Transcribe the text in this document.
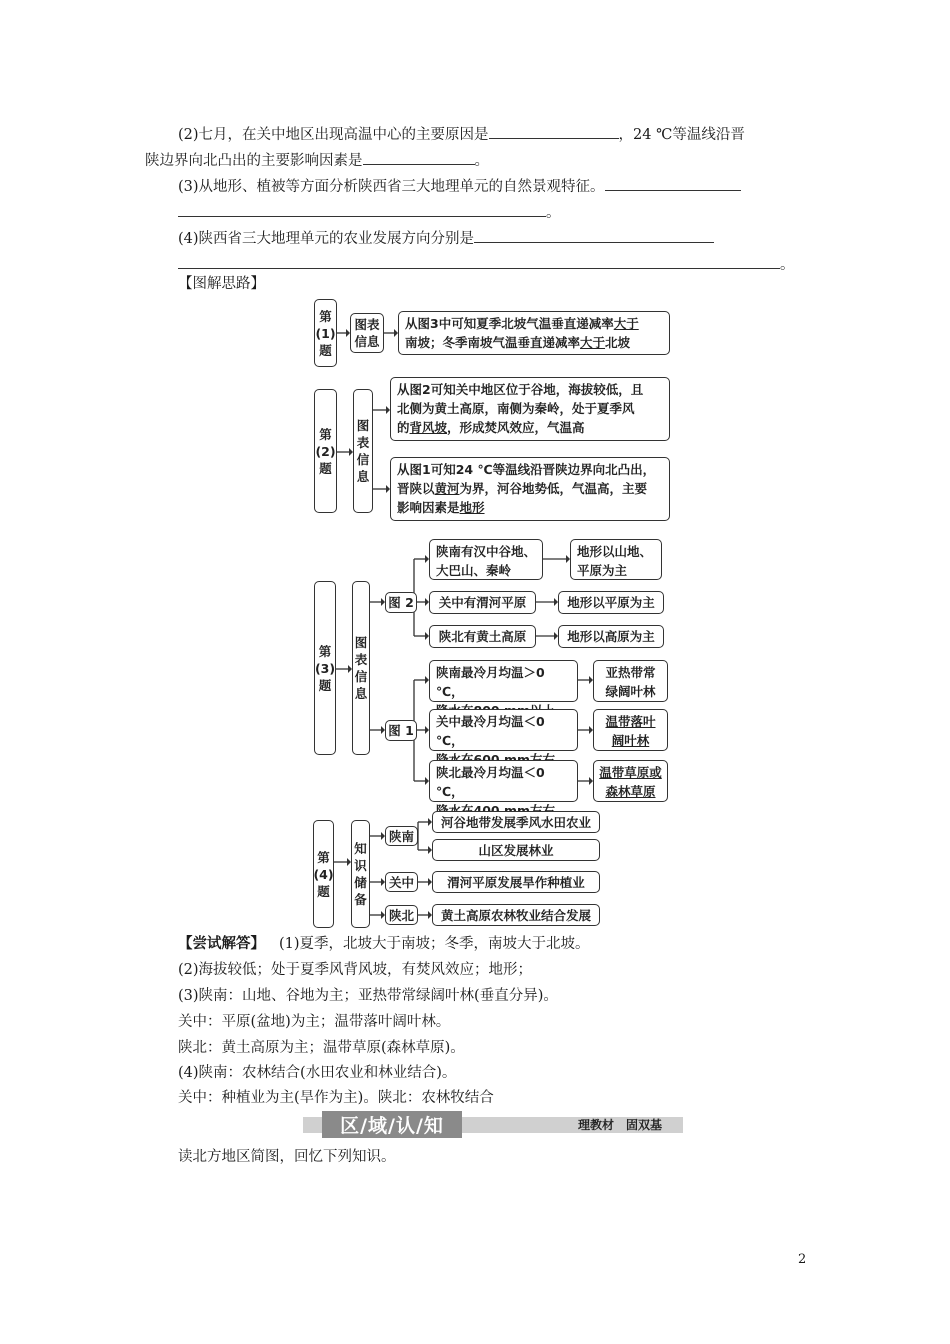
(2)七月，在关中地区出现高温中心的主要原因是	，24 ℃等温线沿晋
陕边界向北凸出的主要影响因素是	。
(3)从地形、植被等方面分析陕西省三大地理单元的自然景观特征。
。
(4)陕西省三大地理单元的农业发展方向分别是
。
【图解思路】
第(1)题
图表信息
从图3中可知夏季北坡气温垂直递减率大于
南坡；冬季南坡气温垂直递减率大于北坡
第(2)题
图表信息
从图2可知关中地区位于谷地，海拔较低，且
北侧为黄土高原，南侧为秦岭，处于夏季风
的背风坡，形成焚风效应，气温高
从图1可知24 ℃等温线沿晋陕边界向北凸出，
晋陕以黄河为界，河谷地势低，气温高，主要
影响因素是地形
第(3)题
图表信息
图 2
图 1
陕南有汉中谷地、大巴山、秦岭
地形以山地、平原为主
关中有渭河平原	地形以平原为主
陕北有黄土高原	地形以高原为主
陕南最冷月均温＞0 ℃，
亚热带常
绿阔叶林
关中最冷月均温＜0 ℃，
温带落叶
阔叶林
陕北最冷月均温＜0 ℃，
温带草原或
森林草原
第(4)题
知识储备
陕南
关中
陕北
河谷地带发展季风水田农业
山区发展林业
渭河平原发展旱作种植业
黄土高原农林牧业结合发展
【尝试解答】 (1)夏季，北坡大于南坡；冬季，南坡大于北坡。
(2)海拔较低；处于夏季风背风坡，有焚风效应；地形；
(3)陕南：山地、谷地为主；亚热带常绿阔叶林(垂直分异)。
关中：平原(盆地)为主；温带落叶阔叶林。
陕北：黄土高原为主；温带草原(森林草原)。
(4)陕南：农林结合(水田农业和林业结合)。
关中：种植业为主(旱作为主)。陕北：农林牧结合
区/域/认/知	理教材　固双基
读北方地区简图，回忆下列知识。
2
